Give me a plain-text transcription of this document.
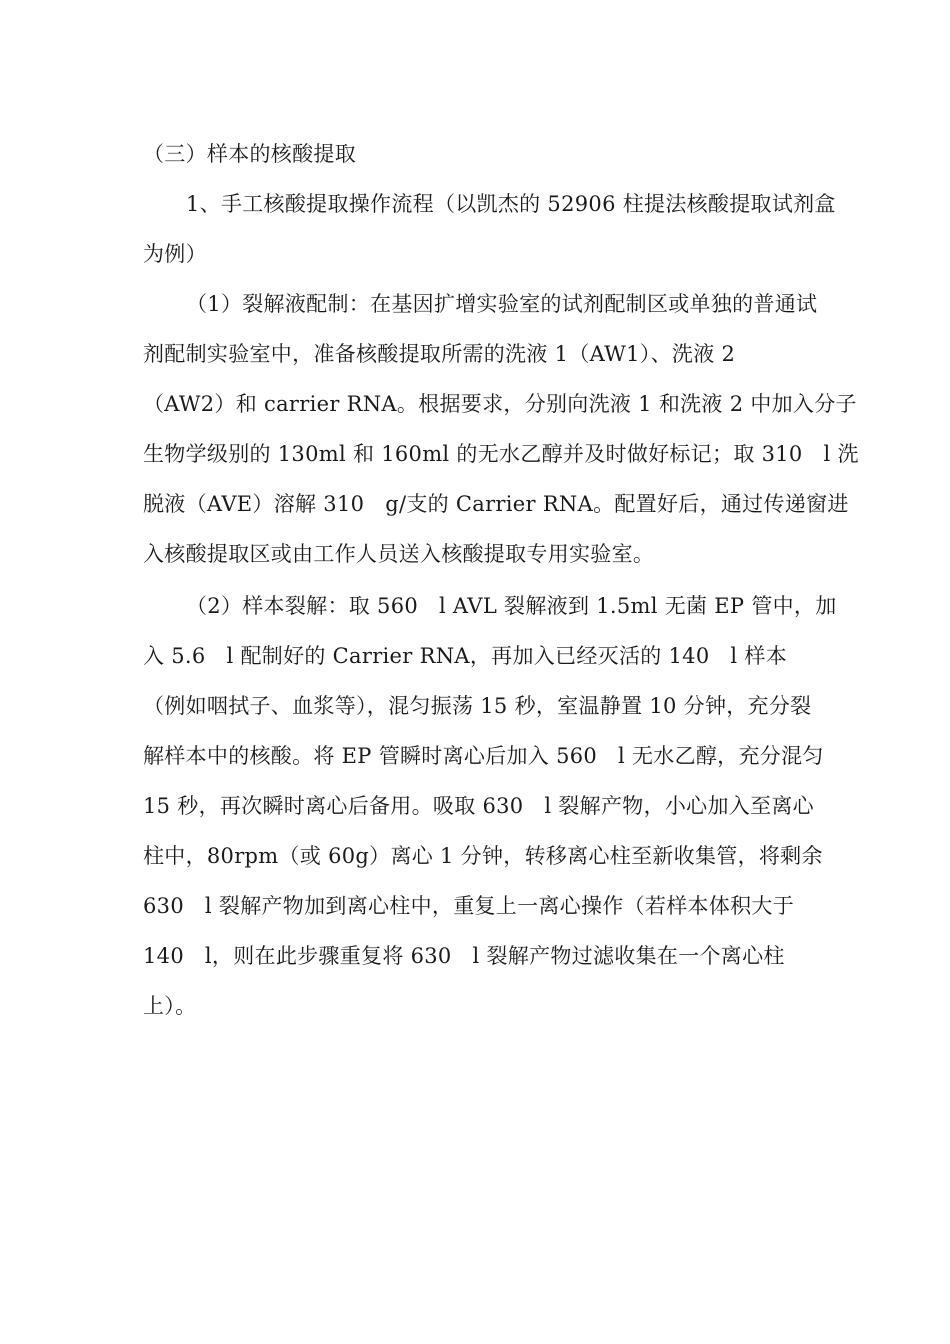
（三）样本的核酸提取
1、手工核酸提取操作流程（以凯杰的 52906 柱提法核酸提取试剂盒
为例）
（1）裂解液配制：在基因扩增实验室的试剂配制区或单独的普通试
剂配制实验室中，准备核酸提取所需的洗液 1（AW1）、洗液 2
（AW2）和 carrier RNA。根据要求，分别向洗液 1 和洗液 2 中加入分子
生物学级别的 130ml 和 160ml 的无水乙醇并及时做好标记；取 310   l 洗
脱液（AVE）溶解 310   g/支的 Carrier RNA。配置好后，通过传递窗进
入核酸提取区或由工作人员送入核酸提取专用实验室。
（2）样本裂解：取 560   l AVL 裂解液到 1.5ml 无菌 EP 管中，加
入 5.6   l 配制好的 Carrier RNA，再加入已经灭活的 140   l 样本
（例如咽拭子、血浆等），混匀振荡 15 秒，室温静置 10 分钟，充分裂
解样本中的核酸。将 EP 管瞬时离心后加入 560   l 无水乙醇，充分混匀
15 秒，再次瞬时离心后备用。吸取 630   l 裂解产物，小心加入至离心
柱中，80rpm（或 60g）离心 1 分钟，转移离心柱至新收集管，将剩余
630   l 裂解产物加到离心柱中，重复上一离心操作（若样本体积大于
140   l，则在此步骤重复将 630   l 裂解产物过滤收集在一个离心柱
上）。
